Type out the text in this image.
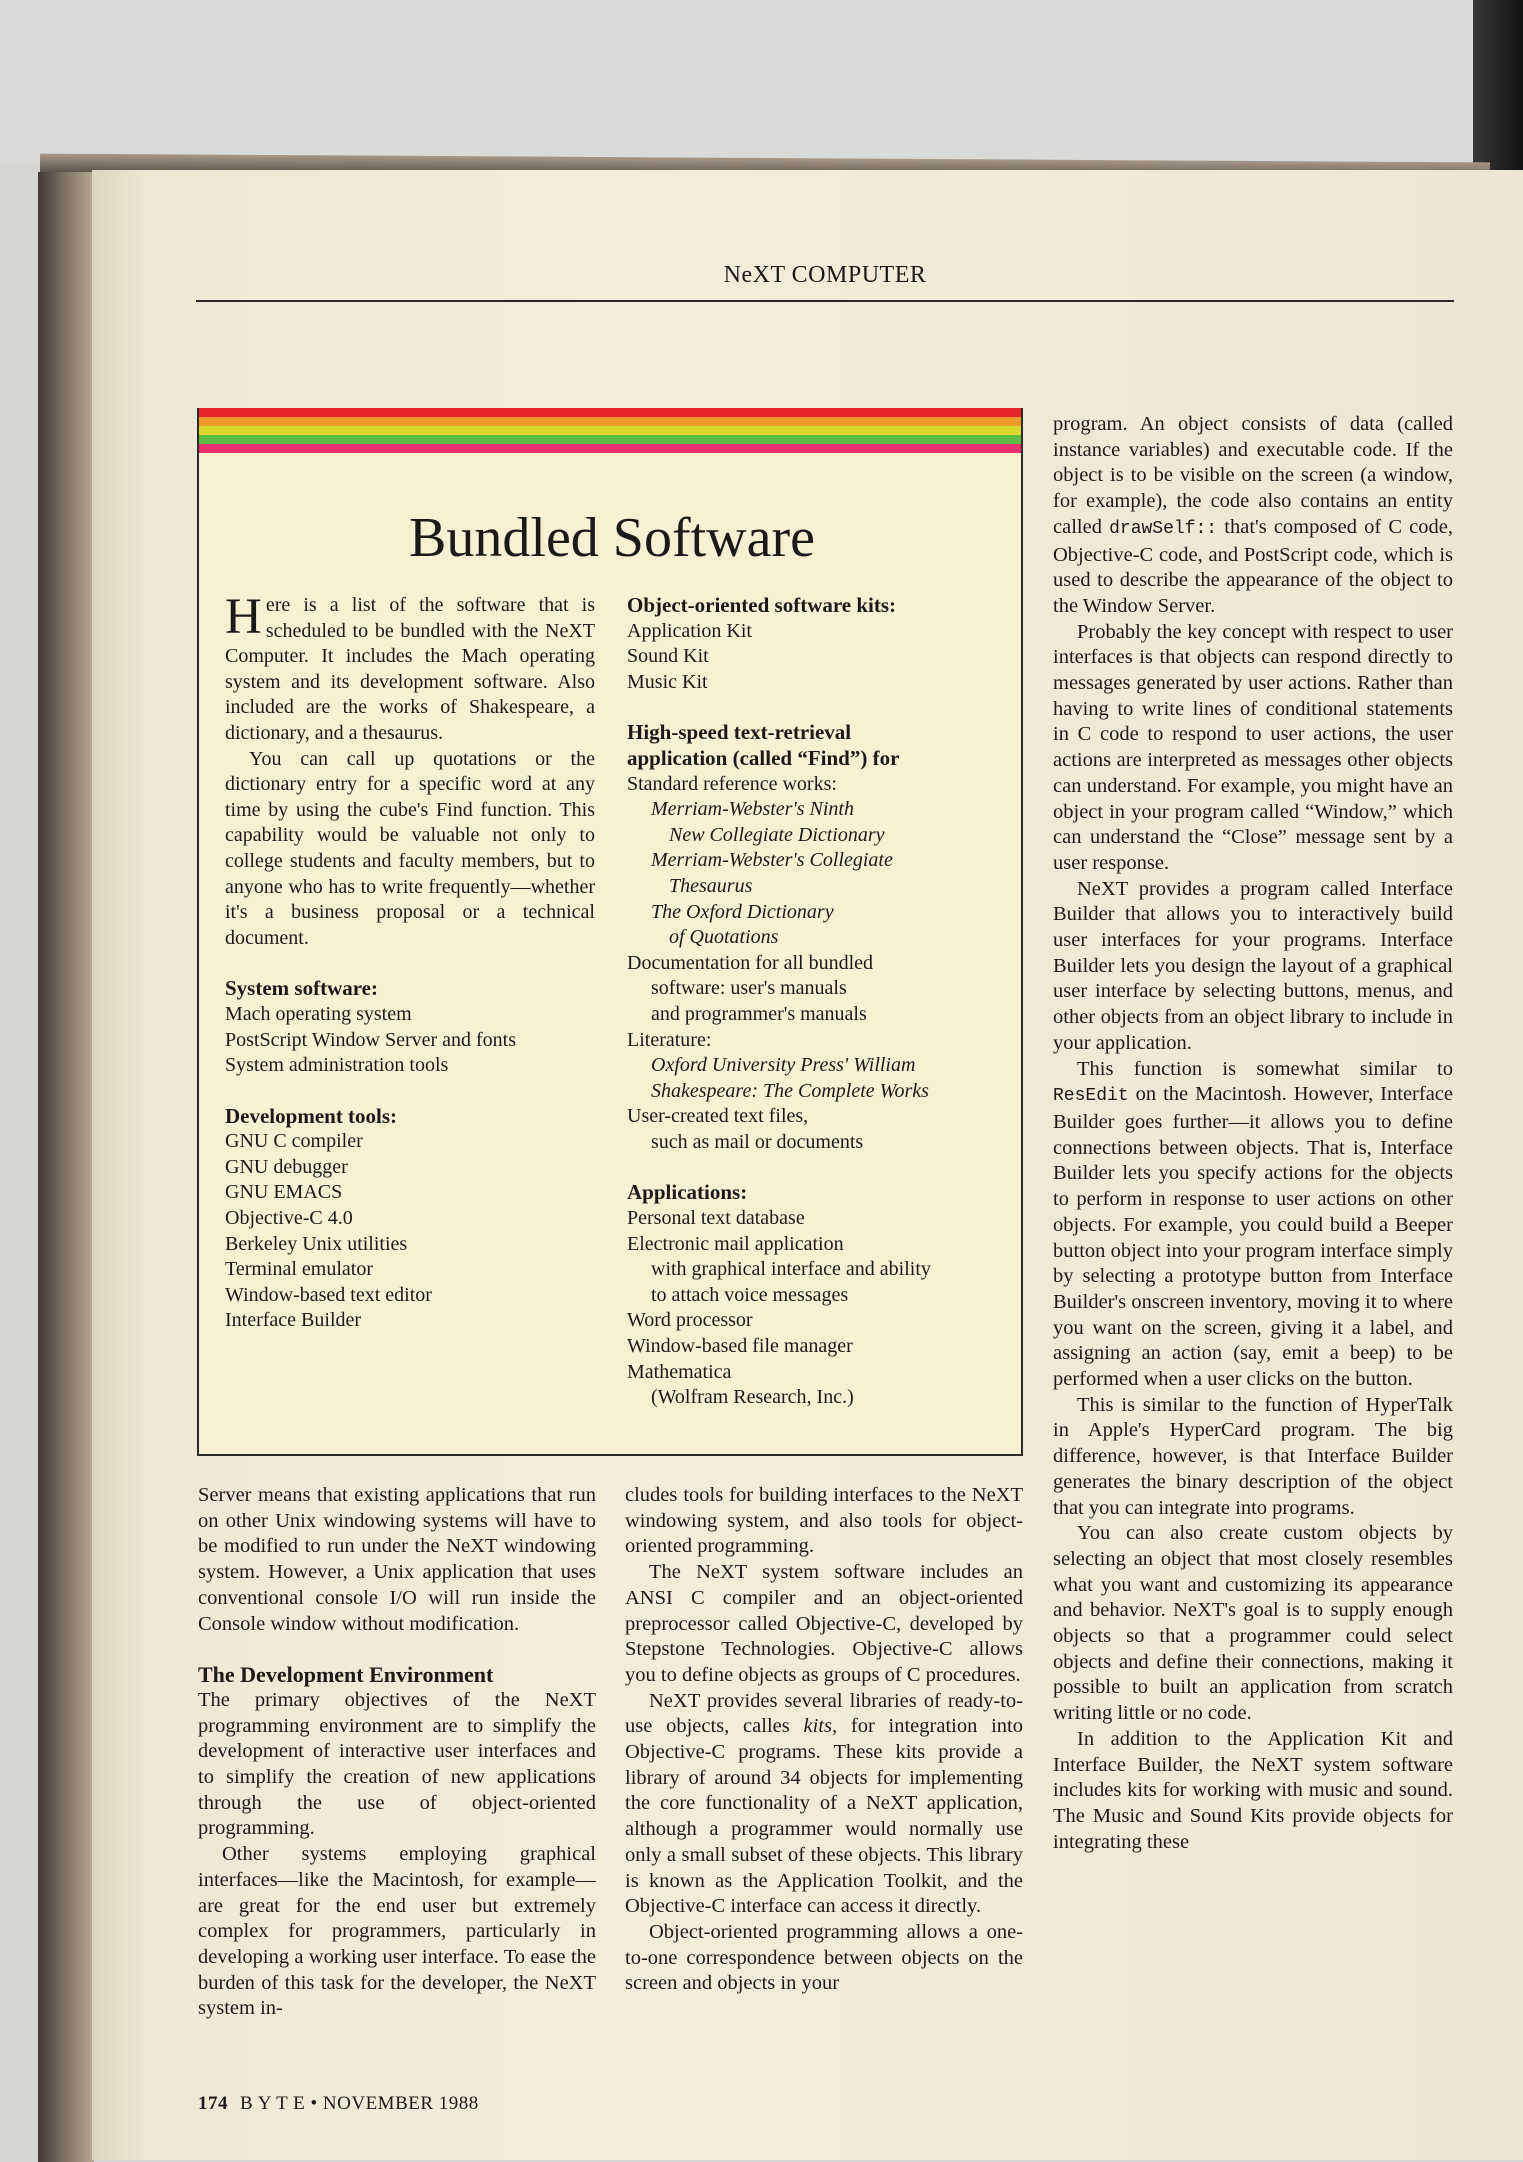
NeXT COMPUTER
Bundled Software

Here is a list of the software that is scheduled to be bundled with the NeXT Computer. It includes the Mach operating system and its development software. Also included are the works of Shakespeare, a dictionary, and a thesaurus.

You can call up quotations or the dictionary entry for a specific word at any time by using the cube's Find function. This capability would be valuable not only to college students and faculty members, but to anyone who has to write frequently—whether it's a business proposal or a technical document.

System software:
Mach operating system
PostScript Window Server and fonts
System administration tools
Development tools:
GNU C compiler
GNU debugger
GNU EMACS
Objective-C 4.0
Berkeley Unix utilities
Terminal emulator
Window-based text editor
Interface Builder
Object-oriented software kits:
Application Kit
Sound Kit
Music Kit
High-speed text-retrieval
application (called “Find”) for
Standard reference works:
Merriam-Webster's Ninth
New Collegiate Dictionary
Merriam-Webster's Collegiate
Thesaurus
The Oxford Dictionary
of Quotations
Documentation for all bundled
software: user's manuals
and programmer's manuals
Literature:
Oxford University Press' William
Shakespeare: The Complete Works
User-created text files,
such as mail or documents
Applications:
Personal text database
Electronic mail application
with graphical interface and ability
to attach voice messages
Word processor
Window-based file manager
Mathematica
(Wolfram Research, Inc.)

Server means that existing applications that run on other Unix windowing systems will have to be modified to run under the NeXT windowing system. However, a Unix application that uses conventional console I/O will run inside the Console window without modification.

The Development Environment

The primary objectives of the NeXT programming environment are to simplify the development of interactive user interfaces and to simplify the creation of new applications through the use of object-oriented programming.

Other systems employing graphical interfaces—like the Macintosh, for example—are great for the end user but extremely complex for programmers, particularly in developing a working user interface. To ease the burden of this task for the developer, the NeXT system in-

cludes tools for building interfaces to the NeXT windowing system, and also tools for object-oriented programming.

The NeXT system software includes an ANSI C compiler and an object-oriented preprocessor called Objective-C, developed by Stepstone Technologies. Objective-C allows you to define objects as groups of C procedures.

NeXT provides several libraries of ready-to-use objects, calles kits, for integration into Objective-C programs. These kits provide a library of around 34 objects for implementing the core functionality of a NeXT application, although a programmer would normally use only a small subset of these objects. This library is known as the Application Toolkit, and the Objective-C interface can access it directly.

Object-oriented programming allows a one-to-one correspondence between objects on the screen and objects in your

program. An object consists of data (called instance variables) and executable code. If the object is to be visible on the screen (a window, for example), the code also contains an entity called drawSelf:: that's composed of C code, Objective-C code, and PostScript code, which is used to describe the appearance of the object to the Window Server.

Probably the key concept with respect to user interfaces is that objects can respond directly to messages generated by user actions. Rather than having to write lines of conditional statements in C code to respond to user actions, the user actions are interpreted as messages other objects can understand. For example, you might have an object in your program called “Window,” which can understand the “Close” message sent by a user response.

NeXT provides a program called Interface Builder that allows you to interactively build user interfaces for your programs. Interface Builder lets you design the layout of a graphical user interface by selecting buttons, menus, and other objects from an object library to include in your application.

This function is somewhat similar to ResEdit on the Macintosh. However, Interface Builder goes further—it allows you to define connections between objects. That is, Interface Builder lets you specify actions for the objects to perform in response to user actions on other objects. For example, you could build a Beeper button object into your program interface simply by selecting a prototype button from Interface Builder's onscreen inventory, moving it to where you want on the screen, giving it a label, and assigning an action (say, emit a beep) to be performed when a user clicks on the button.

This is similar to the function of HyperTalk in Apple's HyperCard program. The big difference, however, is that Interface Builder generates the binary description of the object that you can integrate into programs.

You can also create custom objects by selecting an object that most closely resembles what you want and customizing its appearance and behavior. NeXT's goal is to supply enough objects so that a programmer could select objects and define their connections, making it possible to built an application from scratch writing little or no code.

In addition to the Application Kit and Interface Builder, the NeXT system software includes kits for working with music and sound. The Music and Sound Kits provide objects for integrating these

174 B Y T E • NOVEMBER 1988
